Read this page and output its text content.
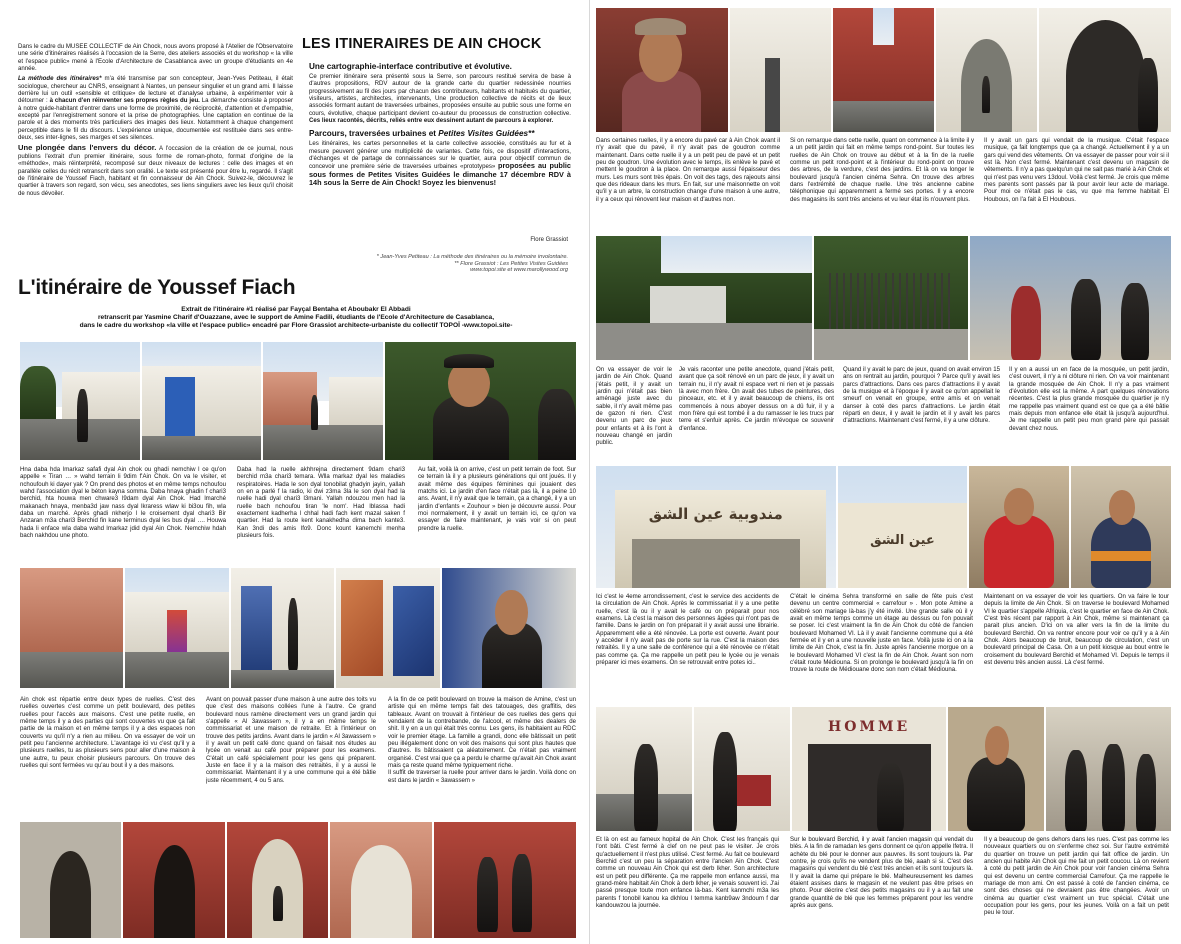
Dans le cadre du MUSEE COLLECTIF de Ain Chock, nous avons proposé à l'Atelier de l'Observatoire une série d'itinéraires réalisés à l'occasion de la Serre, des ateliers associés et du workshop « la ville et l'espace public» mené à l'Ecole d'Architecture de Casablanca avec un groupe d'étudiants en 4e année.

La méthode des itinéraires* m'a été transmise par son concepteur, Jean-Yves Petiteau, il était sociologue, chercheur au CNRS, enseignant à Nantes, un penseur singulier et un grand ami. Il laisse derrière lui un outil «sensible et critique» de lecture et d'analyse urbaine, à expérimenter voir à détourner : à chacun d'en réinventer ses propres règles du jeu. La démarche consiste à proposer à notre guide-habitant d'entrer dans une forme de proximité, de réciprocité, d'attention et d'empathie, excepté par l'enregistrement sonore et la prise de photographies. Une captation en continue de la parole et à des moments très particuliers des images des lieux. Notamment à chaque changement perceptible dans le fil du discours. L'expérience unique, documentée est restituée dans ses entre-deux, ses inter-lignes, ses marges et ses silences.

Une plongée dans l'envers du décor. A l'occasion de la création de ce journal, nous publions l'extrait d'un premier itinéraire, sous forme de roman-photo, format d'origine de la «méthode», mais réinterprété, recomposé sur deux niveaux de lectures : celle des images et en parallèle celles du récit retranscrit dans son oralité. Le texte est présenté pour être lu, regardé. Il s'agit de l'itinéraire de Youssef Fiach, habitant et fin connaisseur de Ain Chock. Suivez-le, découvrez le quartier à travers son regard, son vécu, ses anecdotes, ses liens singuliers avec les lieux qu'il choisit de nous dévoiler.

LES ITINERAIRES DE AIN CHOCK
Une cartographie-interface contributive et évolutive.
Ce premier itinéraire sera présenté sous la Serre, son parcours restitué servira de base à d'autres propositions, RDV autour de la grande carte du quartier redessinée nourries progressivement au fil des jours par chacun des contributeurs, habitants et habitués du quartier, visiteurs, artistes, architectes, intervenants, Une production collective de récits et de lieux associés formant autant de traversées urbaines, proposées ensuite au public sous une forme en cours, évolutive, chaque participant devient co-auteur du processus de construction collective. Ces lieux racontés, décrits, reliés entre eux dessinent autant de parcours à explorer.
Parcours, traversées urbaines et Petites Visites Guidées**
Les itinéraires, les cartes personnelles et la carte collective associée, constitués au fur et à mesure peuvent générer une multiplicité de variantes. Cette fois, ce dispositif d'interactions, d'échanges et de partage de connaissances sur le quartier, aura pour objectif commun de concevoir une première série de traversées urbaines «prototypes» proposées au public sous formes de Petites Visites Guidées le dimanche 17 décembre RDV à 14h sous la Serre de Ain Chock! Soyez les bienvenus!
Flore Grassiot
* Jean-Yves Petiteau : La méthode des itinéraires ou la mémoire involontaire.
** Flore Grassiot : Les Petites Visites Guidées
www.topoi.site et www.marollywood.org
L'itinéraire de Youssef Fiach
Extrait de l'itinéraire #1 réalisé par Fayçal Bentaha et Aboubakr El Abbadi
retranscrit par Yasmine Charif d'Ouazzane, avec le support de Amine Fadili, étudiants de l'Ecole d'Architecture de Casablanca,
dans le cadre du workshop «la ville et l'espace public» encadré par Flore Grassiot architecte-urbaniste du collectif TOPOÏ -www.topoi.site-
Hna daba hda lmarkaz safafi dyal Ain chok ou ghadi nemchiw l ce qu'on appelle « Tiran … » wahd terrain li 9dim f'Ain Chok. On va le visiter, et nchoufouh ki dayer yak ? On prend des photos et en même temps nchoufou wahd l'association dyal le béton kayna somma. Daba hnaya ghadin f chari3 berchid, hta houwa men chware3 l9dam dyal Ain Chok. Had lmarché makanach hnaya, menba3d jaw nass dyal lkraress wlaw ki bi3ou fih, wla daba un marché. Après ghadi nkherjo l le croisement dyal chari3 Bir Anzaran m3a chari3 Berchid fin kane terminus dyal les bus dyal …. Houwa hada li enface wla daba wahd lmarkaz jdid dyal Ain Chok. Nemchiw hdah bach nakhdou une photo.
Daba had la ruelle akhhrejna directement 9dam chari3 berchid m3a chari3 temara. Wlla markaz dyal les maladies respiratoires. Hada le son dyal tonobilat ghadyin jayin, yallah on en a parlé f la radio, ki dwi z3ma 3la le son dyal had la ruelle hadi dyal chari3 l3mani. Yallah ndouzou men had la ruelle bach nchoufou tiran 'le nom'. Had lblassa hadi exactement kadherha l chhal hadi fach kent mazal saken f quartier. Had la route kent kanakhedha dima bach kante3. Kan 3ndi des amis lfo9. Donc kount kanemchi menha plusieurs fois.
Au fait, voilà là on arrive, c'est un petit terrain de foot. Sur ce terrain là il y a plusieurs générations qui ont joués. Il y avait même des équipes féminines qui jouaient des matchs ici. Le jardin d'en face n'était pas là, il a peine 10 ans. Avant, il n'y avait que le terrain, ça a changé, il y a un jardin d'enfants « Zouhour » bien je découvre aussi. Pour moi normalement, il y avait un terrain ici, ce qu'on va essayer de faire maintenant, je vais voir si on peut prendre la ruelle.
Ain chok est répartie entre deux types de ruelles. C'est des ruelles ouvertes c'est comme un petit boulevard, des petites ruelles pour l'accès aux maisons. C'est une petite ruelle, en même temps il y a des parties qui sont couvertes vu que ça fait partie de la maison et en même temps il y a des espaces non couverts vu qu'il n'y a rien au milieu. On va essayer de voir un petit peu l'ancienne architecture. L'avantage ici vu c'est qu'il y a plusieurs ruelles, tu as plusieurs sens pour aller d'une maison à une autre, tu peux choisir plusieurs parcours. On trouve des ruelles qui sont fermées vu qu'au bout il y a des maisons.
Avant on pouvait passer d'une maison à une autre des toits vu que c'est des maisons collées l'une à l'autre. Ce grand boulevard nous ramène directement vers un grand jardin qui s'appelle « Al 3awassem », il y a en même temps le commissariat et une maison de retraite. Et à l'intérieur on trouve des petits jardins. Avant dans le jardin « Al 3awassem » il y avait un petit café donc quand on faisait nos études au lycée on venait au café pour préparer pour les examens. C'était un café spécialement pour les gens qui préparent. Juste en face il y a la maison des retraités, il y a aussi le commissariat. Maintenant il y a une commune qui a été bâtie juste récemment, 4 ou 5 ans.

A la fin de ce petit boulevard on trouve la maison de Amine, c'est un artiste qui en même temps fait des tatouages, des graffitis, des tableaux. Avant on trouvait à l'intérieur de ces ruelles des gens qui vendaient de la contrebande, de l'alcool, et même des dealers de shit. Il y en a un qui était très connu. Les gens, ils habitaient au RDC voir le premier étage. La famille a grandi, donc elle bâtissait un petit peu illégalement donc on voit des maisons qui sont plus hautes que d'autres. Ils bâtissaient ça aléatoirement. Ce n'était pas vraiment organisé. C'est vrai que ça a perdu le charme qu'avait Ain Chok avant mais ça reste quand même typiquement riche.

Il suffit de traverser la ruelle pour arriver dans le jardin. Voilà donc on est dans le jardin « 3awassem »

Dans certaines ruelles, il y a encore du pavé car à Ain Chok avant il n'y avait que du pavé, il n'y avait pas de goudron comme maintenant. Dans cette ruelle il y a un petit peu de pavé et un petit peu de goudron. Une évolution avec le temps, ils enlève le pavé et mettent le goudron à la place. On remarque aussi l'épaisseur des murs. Les murs sont très épais. On voit des tags, des rajeouts ainsi que des rideaux dans les murs. En fait, sur une maisonnette on voit qu'il y a un arbre, la construction change d'une maison à une autre, il y a ceux qui rénovent leur maison et d'autres non.
Si on remarque dans cette ruelle, quant on commence à la limite il y a un petit jardin qui fait en même temps rond-point. Sur toutes les ruelles de Ain Chok on trouve au début et à la fin de la ruelle comme un petit rond-point et à l'intérieur du rond-point on trouve des arbres, de la verdure, c'est des jardins. Et là on va longer le boulevard jusqu'à l'ancien cinéma Sehra. On trouve des arbres dans l'extrémité de chaque ruelle. Une très ancienne cabine téléphonique qui apparemment a fermé ses portes. Il y a encore des magasins ils sont très anciens et vu leur état ils n'ouvrent plus.
Il y avait un gars qui vendait de la musique. C'était l'espace musique, ça fait longtemps que ça a changé. Actuellement il y a un gars qui vend des vêtements. On va essayer de passer pour voir si il est là. Non c'est fermé. Maintenant c'est devenu un magasin de vêtements. Il n'y a pas quelqu'un qui ne sait pas marié à Ain Chok et qui n'est pas venu vers 13doul. Voilà c'est fermé. Je crois que même mes parents sont passés par là pour avoir leur acte de mariage. Pour moi ce n'était pas le cas, vu que ma femme habitait El Houbous, on l'a fait à El Houbous.
On va essayer de voir le jardin de Ain Chok. Quand j'étais petit, il y avait un jardin qui n'était pas bien aménagé juste avec du sable, il n'y avait même pas de gazon ni rien. C'est devenu un parc de jeux pour enfants et à ils l'ont à nouveau changé en jardin public.
Je vais raconter une petite anecdote, quand j'étais petit, avant que ça soit rénové en un parc de jeux, il y avait un terrain nu, il n'y avait ni espace vert ni rien et je passais là avec mon frère. On avait des tubes de peintures, des pinceaux, etc. et il y avait beaucoup de chiens, ils ont commencés à nous aboyer dessus on a dû fuir, il y a mon frère qui est tombé il a du ramasser le les trucs par terre et s'enfuir après. Ce jardin m'évoque ce souvenir d'enfance.
Quand il y avait le parc de jeux, quand on avait environ 15 ans on rentrait au jardin, pourquoi ? Parce qu'il y avait les parcs d'attractions. Dans ces parcs d'attractions il y avait de la musique et à l'époque il y avait ce qu'on appellait le smeurf on venait en groupe, entre amis et on venait danser à coté des parcs d'attractions. Le jardin était réparti en deux, il y avait le jardin et il y avait les parcs d'attractions. Maintenant c'est fermé, il y a une clôture.
Il y en a aussi un en face de la mosquée, un petit jardin, c'est ouvert, il n'y a ni clôture ni rien. On va voir maintenant la grande mosquée de Ain Chok. Il n'y a pas vraiment d'évolution elle est la même. A part quelques rénovations récentes. C'est la plus grande mosquée du quartier je n'y me rappelle pas vraiment quand est ce que ça a été bâtie mais depuis mon enfance elle était là jusqu'à aujourd'hui. Je me rappelle un petit peu mon grand père qui passait devant chez nous.
مندوبية عين الشق
عين الشق
Ici c'est le 4eme arrondissement, c'est le service des accidents de la circulation de Ain Chok. Après le commissariat il y a une petite ruelle, c'est là ou il y avait le café ou on préparait pour nos examens. Là c'est la maison des personnes âgées qui n'ont pas de famille. Dans le jardin on l'on préparait il y avait aussi une librairie. Apparemment elle a été rénovée. La porte est ouverte. Avant pour y accéder il n'y avait pas de porte sur la rue. C'est la maison des retraités. Il y a une salle de conférence qui a été rénovée ce n'était pas comme ça. Ça me rappelle un petit peu le lycée ou je venais préparer ici mes examens. On se retrouvait entre potes ici..
C'était le cinéma Sehra transformé en salle de fête puis c'est devenu un centre commercial « carrefour » . Mon pote Amine a célébré son mariage là-bas j'y été invité. Une grande salle où il y avait en même temps comme un étage au dessus ou l'on pouvait se poser. Ici c'est vraiment la fin de Ain Chok du côté de l'ancien boulevard Mohamed VI. Là il y avait l'ancienne commune qui a été fermée et il y en a une nouvelle juste en face. Voilà juste ici on a la limite de Ain Chok, c'est la fin. Juste après l'ancienne morgue on a le boulevard Mohamed VI c'est la fin de Ain Chok. Avant son nom c'était route Médiouna. Si on prolonge le boulevard jusqu'à la fin on trouve la route de Médiouane donc son nom c'était Médiouna.
Maintenant on va essayer de voir les quartiers. On va faire le tour depuis la limite de Ain Chok. Si on traverse le boulevard Mohamed VI le quartier s'appelle Afriquia, c'est le quartier en face de Ain Chok. C'est très récent par rapport à Ain Chok, même si maintenant ça parait plus ancien. D'ici on va aller vers la fin de la limite du boulevard Berchid. On va rentrer encore pour voir ce qu'il y a à Ain Chok. Alors beaucoup de bruit, beaucoup de circulation, c'est un boulevard principal de Casa. On a un petit kiosque au bout entre le croisement du boulevard Berchid et Mohamed VI. Depuis le temps il est devenu très ancien aussi. Là c'est fermé.
HOMME
Et là on est au fameux hopital de Ain Chok. C'est les français qui l'ont bâti. C'est fermé à clef on ne peut pas le visiter. Je crois qu'actuellement il n'est plus utilisé. C'est fermé. Au fait ce boulevard Berchid c'est un peu la séparation entre l'ancien Ain Chok. C'est comme un nouveau Ain Chok qui est derb lkher. Son architecture est un petit peu différente. Ça me rappelle mon enfance aussi, ma grand-mère habitait Ain Chok à derb lkher, je venais souvent ici. J'ai passé presque toute mon enfance là-bas. Kent kanmchi m3a les parents f tonobil kanou ka dkhlou l temma kanb9aw 3ndoum f dar kandouwzou la journée.
Sur le boulevard Berchid, il y avait l'ancien magasin qui vendait du blés. A la fin de ramadan les gens donnent ce qu'on appelle lfetra. Il achète du blé pour le donner aux pauvres. Ils sont toujours là. Par contre, je crois qu'ils ne vendent plus de blé, aaah si si. C'est des magasins qui vendent du blé c'est très ancien et ils sont toujours là. Il y avait la dame qui prépare le blé. Malheureusement les dames étaient assises dans le magasin et ne veulent pas être prises en photo. Pour décrire c'est des petits magasins ou il y a au fait une grande quantité de blé que les femmes préparent pour les vendre après aux gens.
Il y a beaucoup de gens dehors dans les rues. C'est pas comme les nouveaux quartiers ou on s'enferme chez soi. Sur l'autre extrémité du quartier on trouve un petit jardin qui fait office de jardin. Un ancien qui habite Ain Chok qui me fait un petit coucou. Là on revient à coté du petit jardin de Ain Chok pour voir l'ancien cinéma Sehra qui est devenu un centre commercial Carrefour. Ça me rappelle le mariage de mon ami. On est passé à coté de l'ancien cinéma, ce sont des choses qui ne devraient pas être changées. Avoir un cinéma au quartier c'est vraiment un truc spécial. C'était une occupation pour les gens, pour les jeunes. Voilà on a fait un petit peu le tour.
